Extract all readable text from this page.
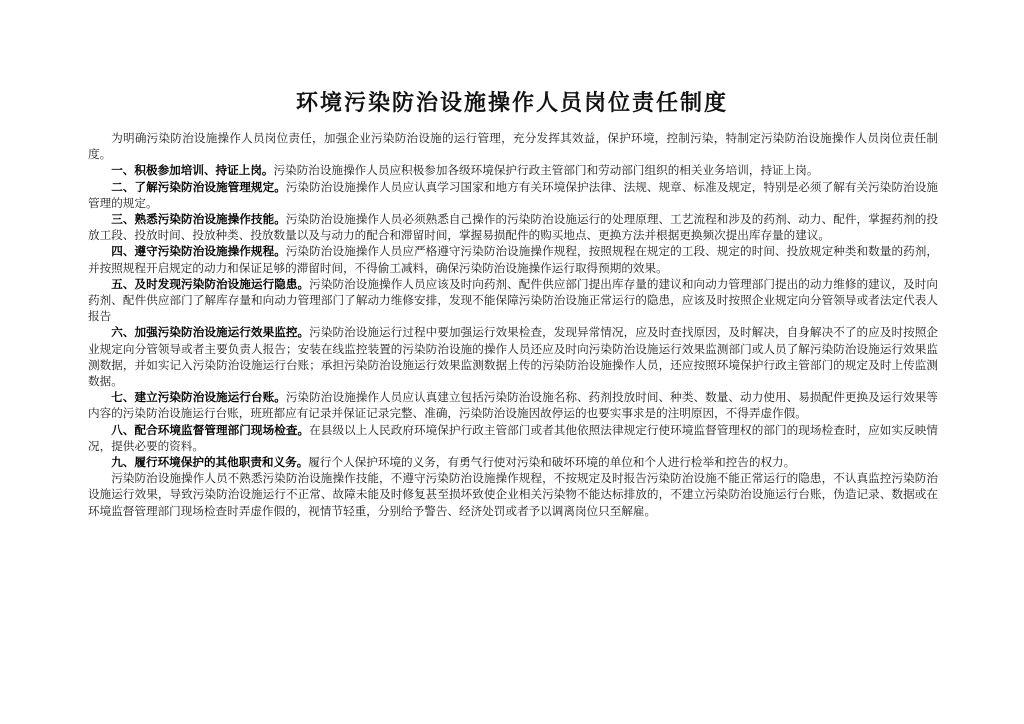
环境污染防治设施操作人员岗位责任制度

为明确污染防治设施操作人员岗位责任，加强企业污染防治设施的运行管理，充分发挥其效益，保护环境，控制污染，特制定污染防治设施操作人员岗位责任制度。

一、积极参加培训、持证上岗。污染防治设施操作人员应积极参加各级环境保护行政主管部门和劳动部门组织的相关业务培训，持证上岗。

二、了解污染防治设施管理规定。污染防治设施操作人员应认真学习国家和地方有关环境保护法律、法规、规章、标准及规定，特别是必须了解有关污染防治设施管理的规定。

三、熟悉污染防治设施操作技能。污染防治设施操作人员必须熟悉自己操作的污染防治设施运行的处理原理、工艺流程和涉及的药剂、动力、配件，掌握药剂的投放工段、投放时间、投放种类、投放数量以及与动力的配合和滞留时间，掌握易损配件的购买地点、更换方法并根据更换频次提出库存量的建议。

四、遵守污染防治设施操作规程。污染防治设施操作人员应严格遵守污染防治设施操作规程，按照规程在规定的工段、规定的时间、投放规定种类和数量的药剂，并按照规程开启规定的动力和保证足够的滞留时间，不得偷工减料，确保污染防治设施操作运行取得预期的效果。

五、及时发现污染防治设施运行隐患。污染防治设施操作人员应该及时向药剂、配件供应部门提出库存量的建议和向动力管理部门提出的动力维修的建议，及时向药剂、配件供应部门了解库存量和向动力管理部门了解动力维修安排，发现不能保障污染防治设施正常运行的隐患，应该及时按照企业规定向分管领导或者法定代表人报告

六、加强污染防治设施运行效果监控。污染防治设施运行过程中要加强运行效果检查，发现异常情况，应及时查找原因，及时解决，自身解决不了的应及时按照企业规定向分管领导或者主要负责人报告；安装在线监控装置的污染防治设施的操作人员还应及时向污染防治设施运行效果监测部门或人员了解污染防治设施运行效果监测数据，并如实记入污染防治设施运行台账；承担污染防治设施运行效果监测数据上传的污染防治设施操作人员，还应按照环境保护行政主管部门的规定及时上传监测数据。

七、建立污染防治设施运行台账。污染防治设施操作人员应认真建立包括污染防治设施名称、药剂投放时间、种类、数量、动力使用、易损配件更换及运行效果等内容的污染防治设施运行台账，班班都应有记录并保证记录完整、准确，污染防治设施因故停运的也要实事求是的注明原因，不得弄虚作假。

八、配合环境监督管理部门现场检查。在县级以上人民政府环境保护行政主管部门或者其他依照法律规定行使环境监督管理权的部门的现场检查时，应如实反映情况，提供必要的资料。

九、履行环境保护的其他职责和义务。履行个人保护环境的义务，有勇气行使对污染和破坏环境的单位和个人进行检举和控告的权力。

污染防治设施操作人员不熟悉污染防治设施操作技能，不遵守污染防治设施操作规程，不按规定及时报告污染防治设施不能正常运行的隐患，不认真监控污染防治设施运行效果，导致污染防治设施运行不正常、故障未能及时修复甚至损坏致使企业相关污染物不能达标排放的，不建立污染防治设施运行台账，伪造记录、数据或在环境监督管理部门现场检查时弄虚作假的，视情节轻重，分别给予警告、经济处罚或者予以调离岗位只至解雇。
